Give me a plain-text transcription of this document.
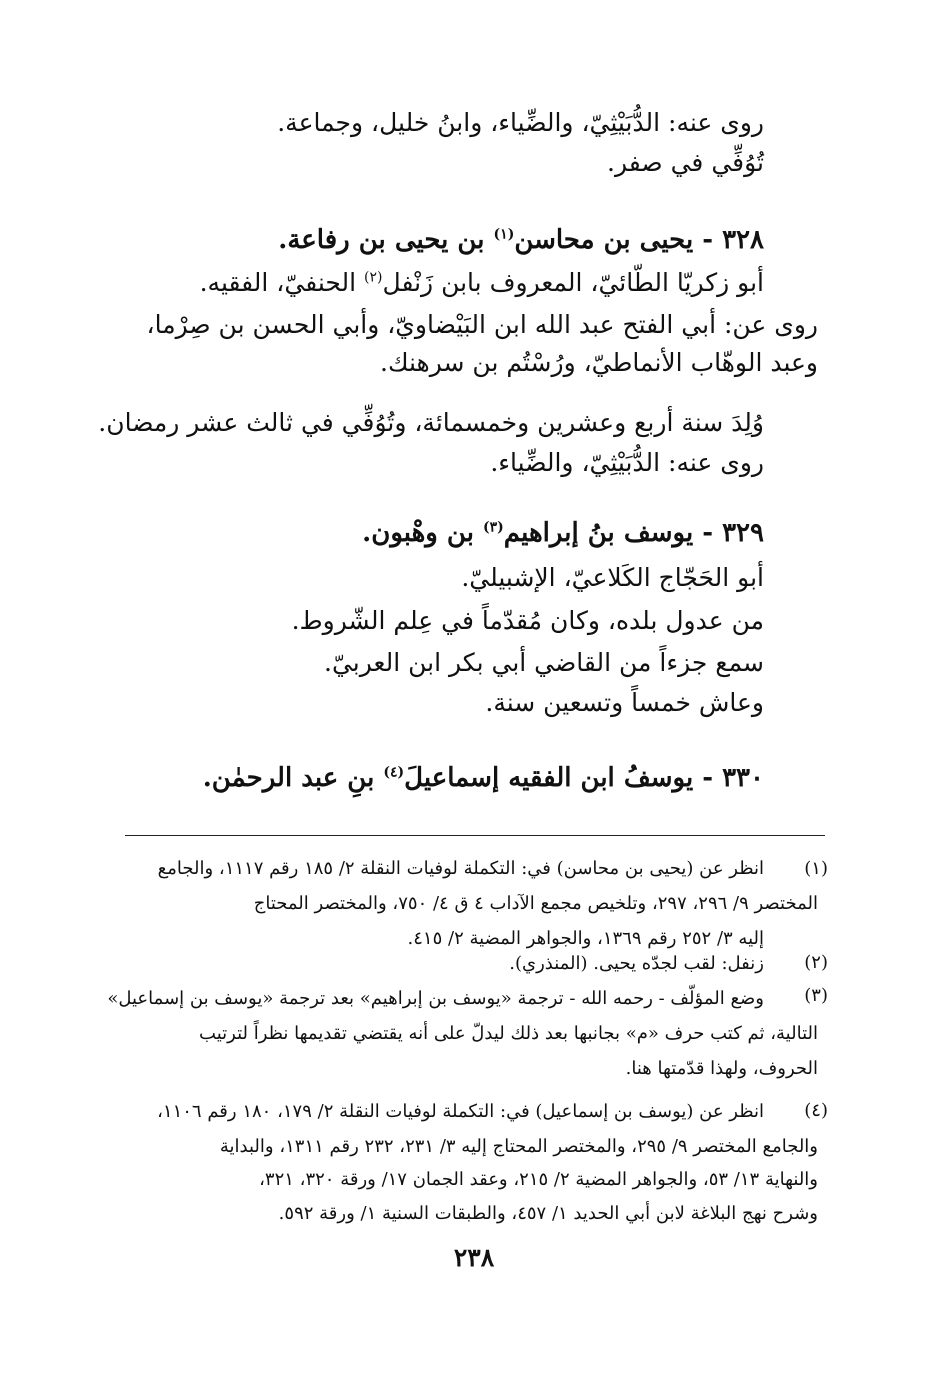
روى عنه: الدُّبَيْثِيّ، والضِّياء، وابنُ خليل، وجماعة.
تُوُفِّي في صفر.
٣٢٨ - يحيى بن محاسن$^{(١)}$ بن يحيى بن رفاعة.
أبو زكريّا الطّائيّ، المعروف بابن زَنْفل$^{(٢)}$ الحنفيّ، الفقيه.
روى عن: أبي الفتح عبد الله ابن البَيْضاويّ، وأبي الحسن بن صِرْما،
وعبد الوهّاب الأنماطيّ، ورُسْتُم بن سرهنك.
وُلِدَ سنة أربع وعشرين وخمسمائة، وتُوُفِّي في ثالث عشر رمضان.
روى عنه: الدُّبَيْثِيّ، والضِّياء.
٣٢٩ - يوسف بنُ إبراهيم$^{(٣)}$ بن وهْبون.
أبو الحَجّاج الكَلاعيّ، الإشبيليّ.
من عدول بلده، وكان مُقدّماً في عِلم الشّروط.
سمع جزءاً من القاضي أبي بكر ابن العربيّ.
وعاش خمساً وتسعين سنة.
٣٣٠ - يوسفُ ابن الفقيه إسماعيلَ$^{(٤)}$ بنِ عبد الرحمٰن.
(١)
انظر عن (يحيى بن محاسن) في: التكملة لوفيات النقلة ٢/ ١٨٥ رقم ١١١٧، والجامع
المختصر ٩/ ٢٩٦، ٢٩٧، وتلخيص مجمع الآداب ٤ ق ٤/ ٧٥٠، والمختصر المحتاج
إليه ٣/ ٢٥٢ رقم ١٣٦٩، والجواهر المضية ٢/ ٤١٥.
(٢)
زنفل: لقب لجدّه يحيى. (المنذري).
(٣)
وضع المؤلّف - رحمه الله - ترجمة «يوسف بن إبراهيم» بعد ترجمة «يوسف بن إسماعيل»
التالية، ثم كتب حرف «م» بجانبها بعد ذلك ليدلّ على أنه يقتضي تقديمها نظراً لترتيب
الحروف، ولهذا قدّمتها هنا.
(٤)
انظر عن (يوسف بن إسماعيل) في: التكملة لوفيات النقلة ٢/ ١٧٩، ١٨٠ رقم ١١٠٦،
والجامع المختصر ٩/ ٢٩٥، والمختصر المحتاج إليه ٣/ ٢٣١، ٢٣٢ رقم ١٣١١، والبداية
والنهاية ١٣/ ٥٣، والجواهر المضية ٢/ ٢١٥، وعقد الجمان ١٧/ ورقة ٣٢٠، ٣٢١،
وشرح نهج البلاغة لابن أبي الحديد ١/ ٤٥٧، والطبقات السنية ١/ ورقة ٥٩٢.
٢٣٨
